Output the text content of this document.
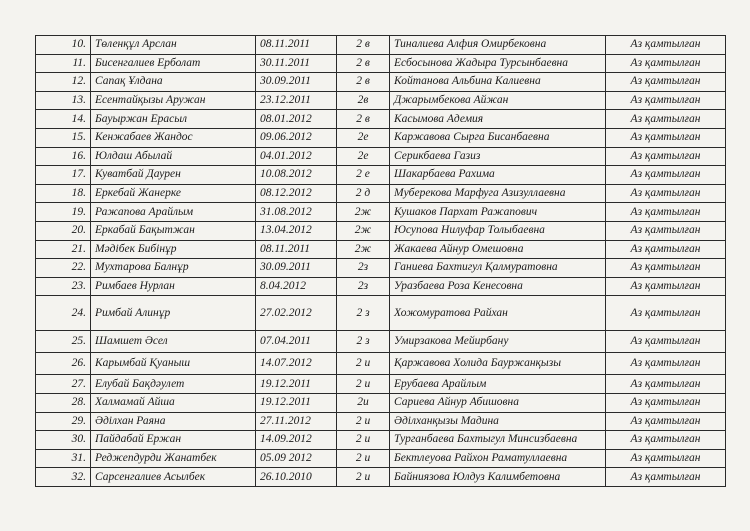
10.	Төленқұл Арслан	08.11.2011	2 в	Тиналиева Алфия Омирбековна	Аз қамтылған
11.	Бисенгалиев Ерболат	30.11.2011	2 в	Есбосынова Жадыра Турсынбаевна	Аз қамтылған
12.	Сапақ Ұлдана	30.09.2011	2 в	Койтанова Альбина Калиевна	Аз қамтылған
13.	Есентайқызы Аружан	23.12.2011	2в	Джарымбекова Айжан	Аз қамтылған
14.	Бауыржан Ерасыл	08.01.2012	2 в	Касымова Адемия	Аз қамтылған
15.	Кенжабаев Жандос	09.06.2012	2е	Каржавова Сырга Бисанбаевна	Аз қамтылған
16.	Юлдаш Абылай	04.01.2012	2е	Серикбаева Газиз	Аз қамтылған
17.	Куватбай Даурен	10.08.2012	2 е	Шакарбаева Рахима	Аз қамтылған
18.	Еркебай Жанерке	08.12.2012	2 д	Муберекова Марфуга Азизуллаевна	Аз қамтылған
19.	Ражапова Арайлым	31.08.2012	2ж	Кушаков Пархат Ражапович	Аз қамтылған
20.	Еркабай Бақытжан	13.04.2012	2ж	Юсупова Нилуфар Толыбаевна	Аз қамтылған
21.	Мәдібек Бибінұр	08.11.2011	2ж	Жакаева Айнур Омешовна	Аз қамтылған
22.	Мухтарова Балнұр	30.09.2011	2з	Ганиева Бахтигул Қалмуратовна	Аз қамтылған
23.	Римбаев Нурлан	8.04.2012	2з	Уразбаева Роза Кенесовна	Аз қамтылған
24.	Римбай Алинұр	27.02.2012	2 з	Хожомуратова Райхан	Аз қамтылған
25.	Шамшет Әсел	07.04.2011	2 з	Умирзакова Мейирбану	Аз қамтылған
26.	Карымбай Қуаныш	14.07.2012	2 и	Қаржавова Холида Бауржанқызы	Аз қамтылған
27.	Елубай Бақдәулет	19.12.2011	2 и	Ерубаева Арайлым	Аз қамтылған
28.	Халмамай Айша	19.12.2011	2и	Сариева Айнур Абишовна	Аз қамтылған
29.	Әділхан Раяна	27.11.2012	2 и	Әділханқызы Мадина	Аз қамтылған
30.	Пайдабай Ержан	14.09.2012	2 и	Турганбаева Бахтыгул Минсизбаевна	Аз қамтылған
31.	Реджепдурди Жанатбек	05.09 2012	2 и	Бектлеуова Райхон Раматуллаевна	Аз қамтылған
32.	Сарсенгалиев Асылбек	26.10.2010	2 и	Байниязова Юлдуз Калимбетовна	Аз қамтылған
